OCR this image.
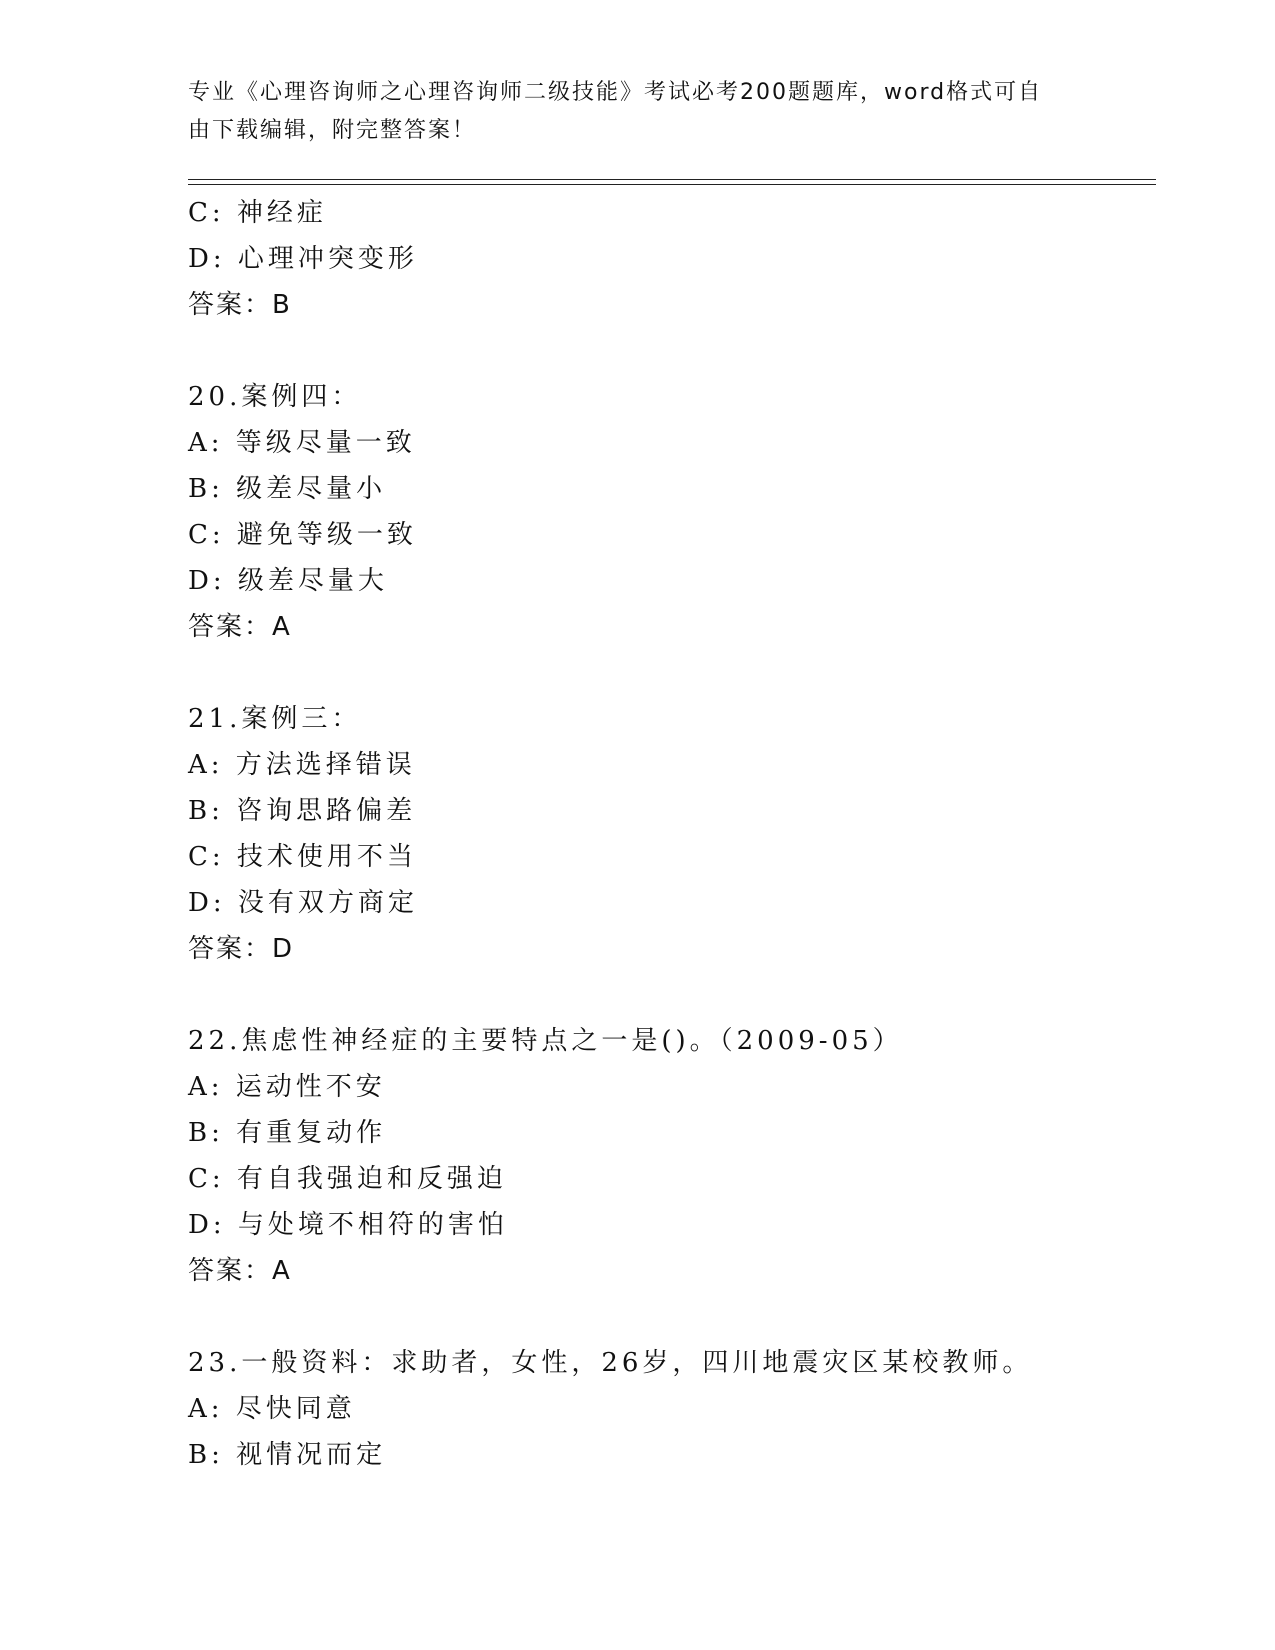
专业《心理咨询师之心理咨询师二级技能》考试必考200题题库，word格式可自
由下载编辑，附完整答案！
C: 神经症
D: 心理冲突变形
答案：B
20.案例四：
A: 等级尽量一致
B: 级差尽量小
C: 避免等级一致
D: 级差尽量大
答案：A
21.案例三：
A: 方法选择错误
B: 咨询思路偏差
C: 技术使用不当
D: 没有双方商定
答案：D
22.焦虑性神经症的主要特点之一是()。（2009-05）
A: 运动性不安
B: 有重复动作
C: 有自我强迫和反强迫
D: 与处境不相符的害怕
答案：A
23.一般资料：求助者，女性，26岁，四川地震灾区某校教师。
A: 尽快同意
B: 视情况而定
